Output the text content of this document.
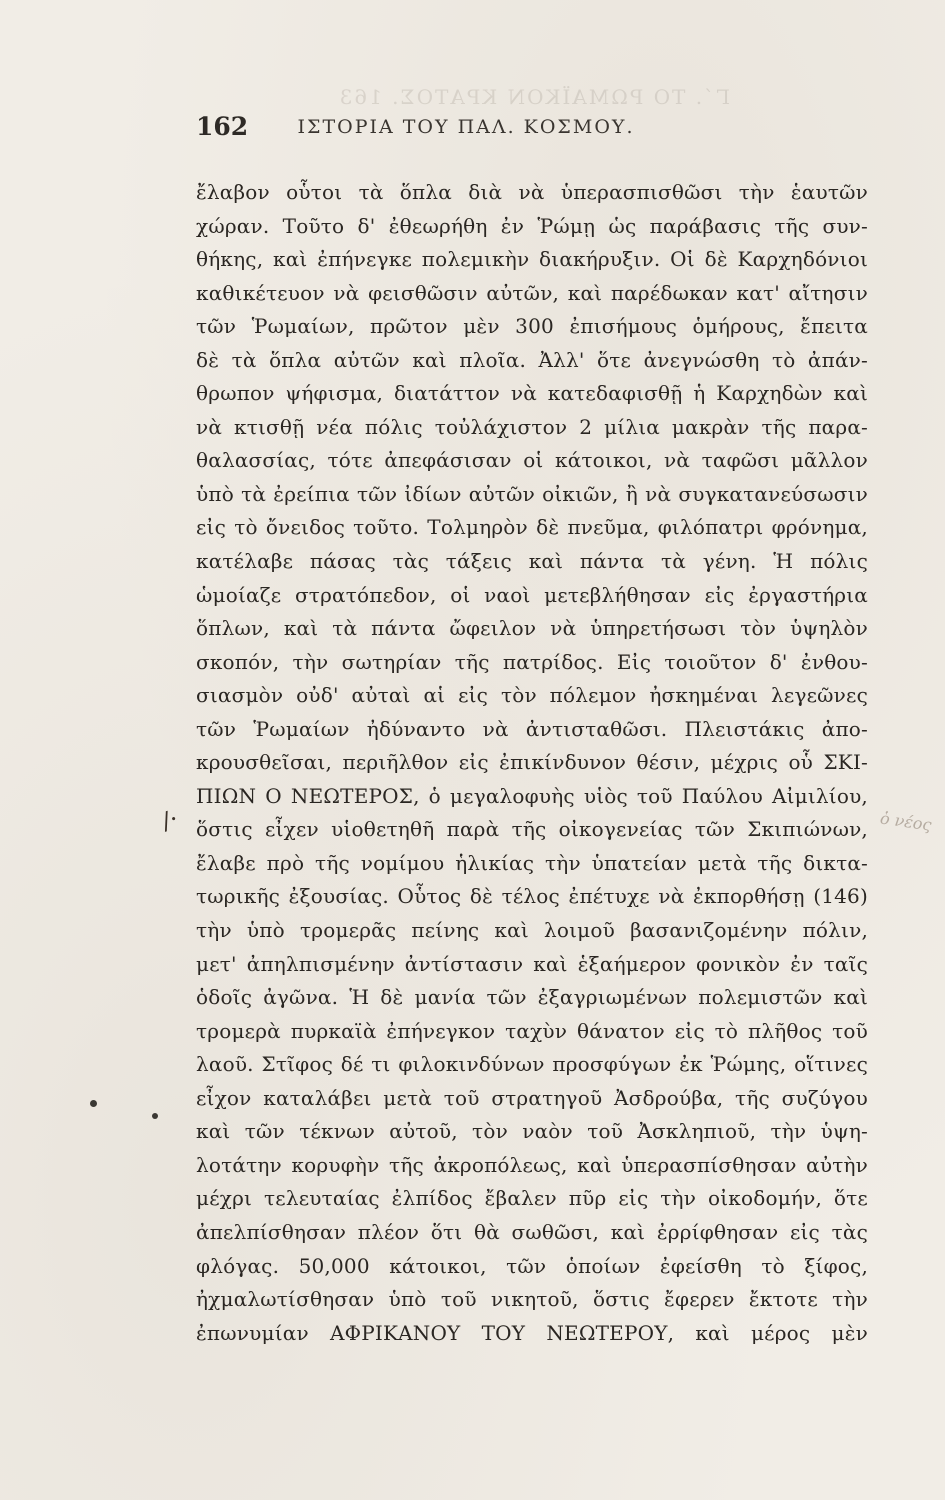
Γ΄. ΤΟ ΡΩΜΑΪΚΟΝ ΚΡΑΤΟΣ. 163
162	ΙΣΤΟΡΙΑ ΤΟΥ ΠΑΛ. ΚΟΣΜΟΥ.
ἔλαβον οὗτοι τὰ ὅπλα διὰ νὰ ὑπερασπισθῶσι τὴν ἑαυτῶν
χώραν. Τοῦτο δ' ἐθεωρήθη ἐν Ῥώμῃ ὡς παράβασις τῆς συν-
θήκης, καὶ ἐπήνεγκε πολεμικὴν διακήρυξιν. Οἱ δὲ Καρχηδόνιοι
καθικέτευον νὰ φεισθῶσιν αὐτῶν, καὶ παρέδωκαν κατ' αἴτησιν
τῶν Ῥωμαίων, πρῶτον μὲν 300 ἐπισήμους ὁμήρους, ἔπειτα
δὲ τὰ ὅπλα αὐτῶν καὶ πλοῖα. Ἀλλ' ὅτε ἀνεγνώσθη τὸ ἀπάν-
θρωπον ψήφισμα, διατάττον νὰ κατεδαφισθῇ ἡ Καρχηδὼν καὶ
νὰ κτισθῇ νέα πόλις τοὐλάχιστον 2 μίλια μακρὰν τῆς παρα-
θαλασσίας, τότε ἀπεφάσισαν οἱ κάτοικοι, νὰ ταφῶσι μᾶλλον
ὑπὸ τὰ ἐρείπια τῶν ἰδίων αὐτῶν οἰκιῶν, ἢ νὰ συγκατανεύσωσιν
εἰς τὸ ὄνειδος τοῦτο. Τολμηρὸν δὲ πνεῦμα, φιλόπατρι φρόνημα,
κατέλαβε πάσας τὰς τάξεις καὶ πάντα τὰ γένη. Ἡ πόλις
ὡμοίαζε στρατόπεδον, οἱ ναοὶ μετεβλήθησαν εἰς ἐργαστήρια
ὅπλων, καὶ τὰ πάντα ὤφειλον νὰ ὑπηρετήσωσι τὸν ὑψηλὸν
σκοπόν, τὴν σωτηρίαν τῆς πατρίδος. Εἰς τοιοῦτον δ' ἐνθου-
σιασμὸν οὐδ' αὐταὶ αἱ εἰς τὸν πόλεμον ἠσκημέναι λεγεῶνες
τῶν Ῥωμαίων ἠδύναντο νὰ ἀντισταθῶσι. Πλειστάκις ἀπο-
κρουσθεῖσαι, περιῆλθον εἰς ἐπικίνδυνον θέσιν, μέχρις οὗ ΣΚΙ-
ΠΙΩΝ Ο ΝΕΩΤΕΡΟΣ, ὁ μεγαλοφυὴς υἱὸς τοῦ Παύλου Αἰμιλίου,
ὅστις εἶχεν υἱοθετηθῆ παρὰ τῆς οἰκογενείας τῶν Σκιπιώνων,
ἔλαβε πρὸ τῆς νομίμου ἡλικίας τὴν ὑπατείαν μετὰ τῆς δικτα-
τωρικῆς ἐξουσίας. Οὗτος δὲ τέλος ἐπέτυχε νὰ ἐκπορθήσῃ (146)
τὴν ὑπὸ τρομερᾶς πείνης καὶ λοιμοῦ βασανιζομένην πόλιν,
μετ' ἀπηλπισμένην ἀντίστασιν καὶ ἑξαήμερον φονικὸν ἐν ταῖς
ὁδοῖς ἀγῶνα. Ἡ δὲ μανία τῶν ἐξαγριωμένων πολεμιστῶν καὶ
τρομερὰ πυρκαϊὰ ἐπήνεγκον ταχὺν θάνατον εἰς τὸ πλῆθος τοῦ
λαοῦ. Στῖφος δέ τι φιλοκινδύνων προσφύγων ἐκ Ῥώμης, οἵτινες
εἶχον καταλάβει μετὰ τοῦ στρατηγοῦ Ἀσδρούβα, τῆς συζύγου
καὶ τῶν τέκνων αὐτοῦ, τὸν ναὸν τοῦ Ἀσκληπιοῦ, τὴν ὑψη-
λοτάτην κορυφὴν τῆς ἀκροπόλεως, καὶ ὑπερασπίσθησαν αὐτὴν
μέχρι τελευταίας ἐλπίδος ἔβαλεν πῦρ εἰς τὴν οἰκοδομήν, ὅτε
ἀπελπίσθησαν πλέον ὅτι θὰ σωθῶσι, καὶ ἐρρίφθησαν εἰς τὰς
φλόγας. 50,000 κάτοικοι, τῶν ὁποίων ἐφείσθη τὸ ξίφος,
ἠχμαλωτίσθησαν ὑπὸ τοῦ νικητοῦ, ὅστις ἔφερεν ἔκτοτε τὴν
ἐπωνυμίαν ΑΦΡΙΚΑΝΟΥ ΤΟΥ ΝΕΩΤΕΡΟΥ, καὶ μέρος μὲν
/·	ὁ νέος
